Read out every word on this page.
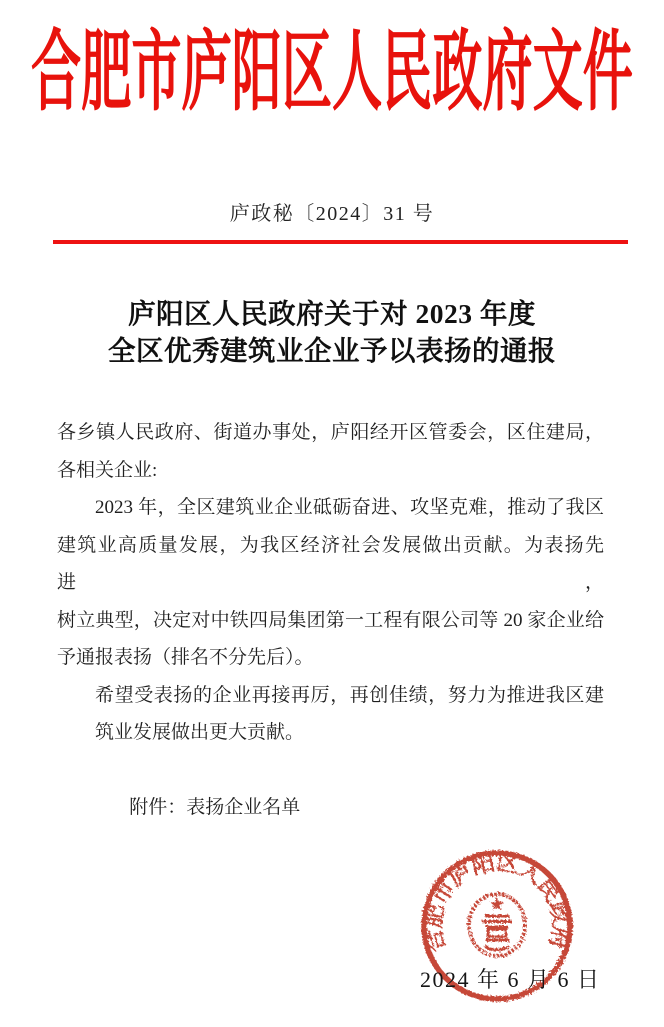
合肥市庐阳区人民政府文件
庐政秘〔2024〕31 号
庐阳区人民政府关于对 2023 年度
全区优秀建筑业企业予以表扬的通报
各乡镇人民政府、街道办事处，庐阳经开区管委会，区住建局，
各相关企业:
2023 年，全区建筑业企业砥砺奋进、攻坚克难，推动了我区
建筑业高质量发展，为我区经济社会发展做出贡献。为表扬先进，
树立典型，决定对中铁四局集团第一工程有限公司等 20 家企业给
予通报表扬（排名不分先后）。
希望受表扬的企业再接再厉，再创佳绩，努力为推进我区建
筑业发展做出更大贡献。

附件：表扬企业名单
合肥市庐阳区人民政府
2024 年 6 月 6 日
